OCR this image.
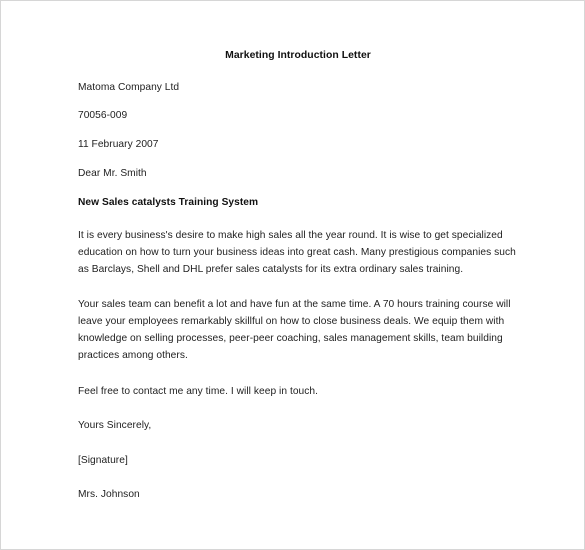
Marketing Introduction Letter

Matoma Company Ltd

70056-009

11 February 2007

Dear Mr. Smith

New Sales catalysts Training System

It is every business's desire to make high sales all the year round. It is wise to get specialized
education on how to turn your business ideas into great cash. Many prestigious companies such
as Barclays, Shell and DHL prefer sales catalysts for its extra ordinary sales training.
Your sales team can benefit a lot and have fun at the same time. A 70 hours training course will
leave your employees remarkably skillful on how to close business deals. We equip them with
knowledge on selling processes, peer-peer coaching, sales management skills, team building
practices among others.

Feel free to contact me any time. I will keep in touch.

Yours Sincerely,

[Signature]

Mrs. Johnson
